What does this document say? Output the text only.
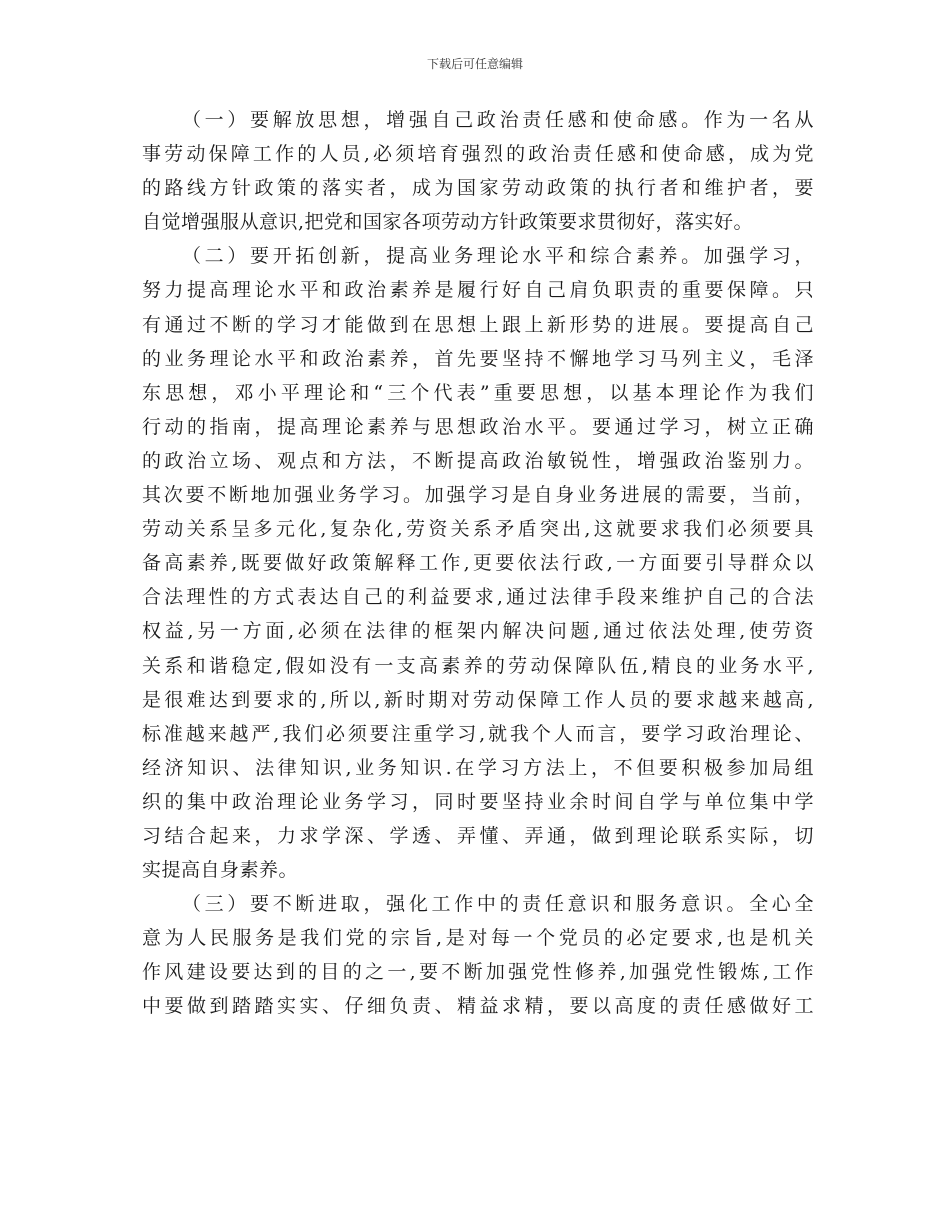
下载后可任意编辑
（一）要解放思想，增强自己政治责任感和使命感。作为一名从
事劳动保障工作的人员,必须培育强烈的政治责任感和使命感，成为党
的路线方针政策的落实者，成为国家劳动政策的执行者和维护者，要
自觉增强服从意识,把党和国家各项劳动方针政策要求贯彻好，落实好。
（二）要开拓创新，提高业务理论水平和综合素养。加强学习，
努力提高理论水平和政治素养是履行好自己肩负职责的重要保障。只
有通过不断的学习才能做到在思想上跟上新形势的进展。要提高自己
的业务理论水平和政治素养，首先要坚持不懈地学习马列主义，毛泽
东思想，邓小平理论和“三个代表”重要思想，以基本理论作为我们
行动的指南，提高理论素养与思想政治水平。要通过学习，树立正确
的政治立场、观点和方法，不断提高政治敏锐性，增强政治鉴别力。
其次要不断地加强业务学习。加强学习是自身业务进展的需要，当前，
劳动关系呈多元化,复杂化,劳资关系矛盾突出,这就要求我们必须要具
备高素养,既要做好政策解释工作,更要依法行政,一方面要引导群众以
合法理性的方式表达自己的利益要求,通过法律手段来维护自己的合法
权益,另一方面,必须在法律的框架内解决问题,通过依法处理,使劳资
关系和谐稳定,假如没有一支高素养的劳动保障队伍,精良的业务水平,
是很难达到要求的,所以,新时期对劳动保障工作人员的要求越来越高,
标准越来越严,我们必须要注重学习,就我个人而言，要学习政治理论、
经济知识、法律知识,业务知识.在学习方法上，不但要积极参加局组
织的集中政治理论业务学习，同时要坚持业余时间自学与单位集中学
习结合起来，力求学深、学透、弄懂、弄通，做到理论联系实际，切
实提高自身素养。
（三）要不断进取，强化工作中的责任意识和服务意识。全心全
意为人民服务是我们党的宗旨,是对每一个党员的必定要求,也是机关
作风建设要达到的目的之一,要不断加强党性修养,加强党性锻炼,工作
中要做到踏踏实实、仔细负责、精益求精，要以高度的责任感做好工
